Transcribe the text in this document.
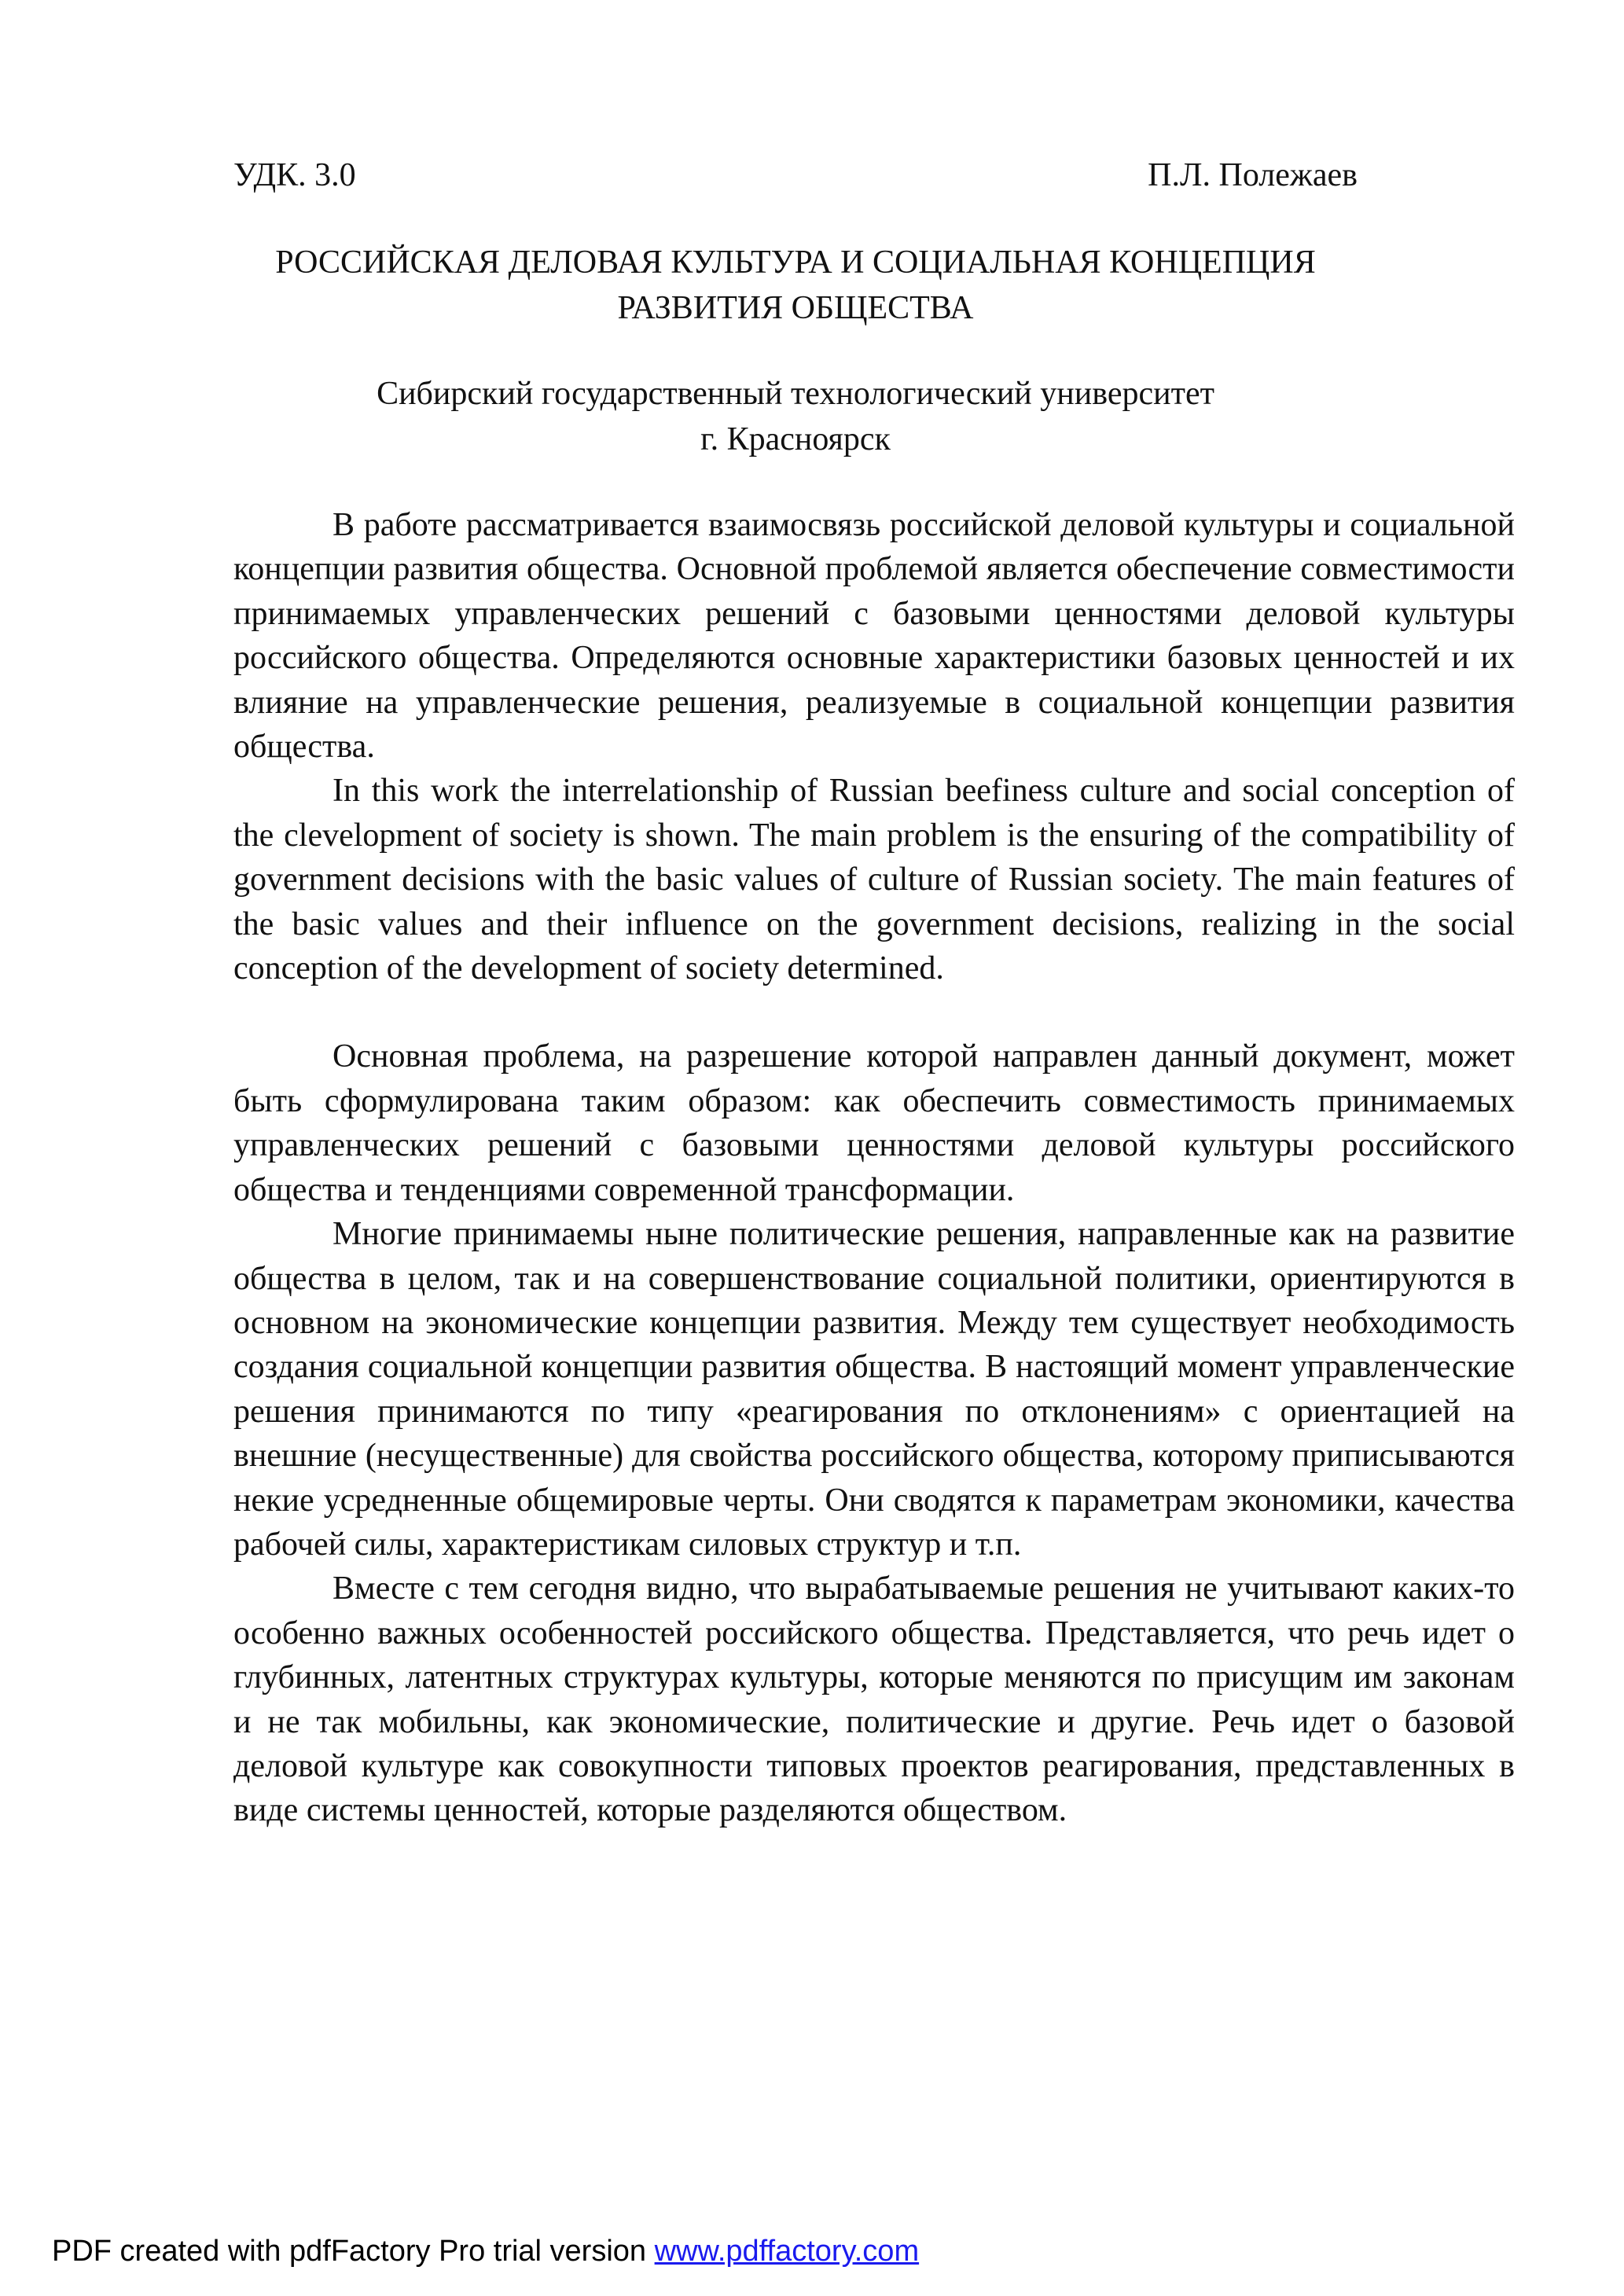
УДК. 3.0	П.Л. Полежаев
РОССИЙСКАЯ ДЕЛОВАЯ КУЛЬТУРА И СОЦИАЛЬНАЯ КОНЦЕПЦИЯ
РАЗВИТИЯ ОБЩЕСТВА
Сибирский государственный технологический университет
г. Красноярск

В работе рассматривается взаимосвязь российской деловой культуры и социальной концепции развития общества. Основной проблемой является обеспечение совместимости принимаемых управленческих решений с базовыми ценностями деловой культуры российского общества. Определяются основные характеристики базовых ценностей и их влияние на управленческие решения, реализуемые в социальной концепции развития общества.

In this work the interrelationship of Russian beefiness culture and social conception of the clevelopment of society is shown. The main problem is the ensuring of the compatibility of government decisions with the basic values of culture of Russian society. The main features of the basic values and their influence on the government decisions, realizing in the social conception of the development of society determined.

Основная проблема, на разрешение которой направлен данный документ, может быть сформулирована таким образом: как обеспечить совместимость принимаемых управленческих решений с базовыми ценностями деловой культуры российского общества и тенденциями современной трансформации.

Многие принимаемы ныне политические решения, направленные как на развитие общества в целом, так и на совершенствование социальной политики, ориентируются в основном на экономические концепции развития. Между тем существует необходимость создания социальной концепции развития общества. В настоящий момент управленческие решения принимаются по типу «реагирования по отклонениям» с ориентацией на внешние (несущественные) для свойства российского общества, которому приписываются некие усредненные общемировые черты. Они сводятся к параметрам экономики, качества рабочей силы, характеристикам силовых структур и т.п.

Вместе с тем сегодня видно, что вырабатываемые решения не учитывают каких-то особенно важных особенностей российского общества. Представляется, что речь идет о глубинных, латентных структурах культуры, которые меняются по присущим им законам и не так мобильны, как экономические, политические и другие. Речь идет о базовой деловой культуре как совокупности типовых проектов реагирования, представленных в виде системы ценностей, которые разделяются обществом.

PDF created with pdfFactory Pro trial version www.pdffactory.com
